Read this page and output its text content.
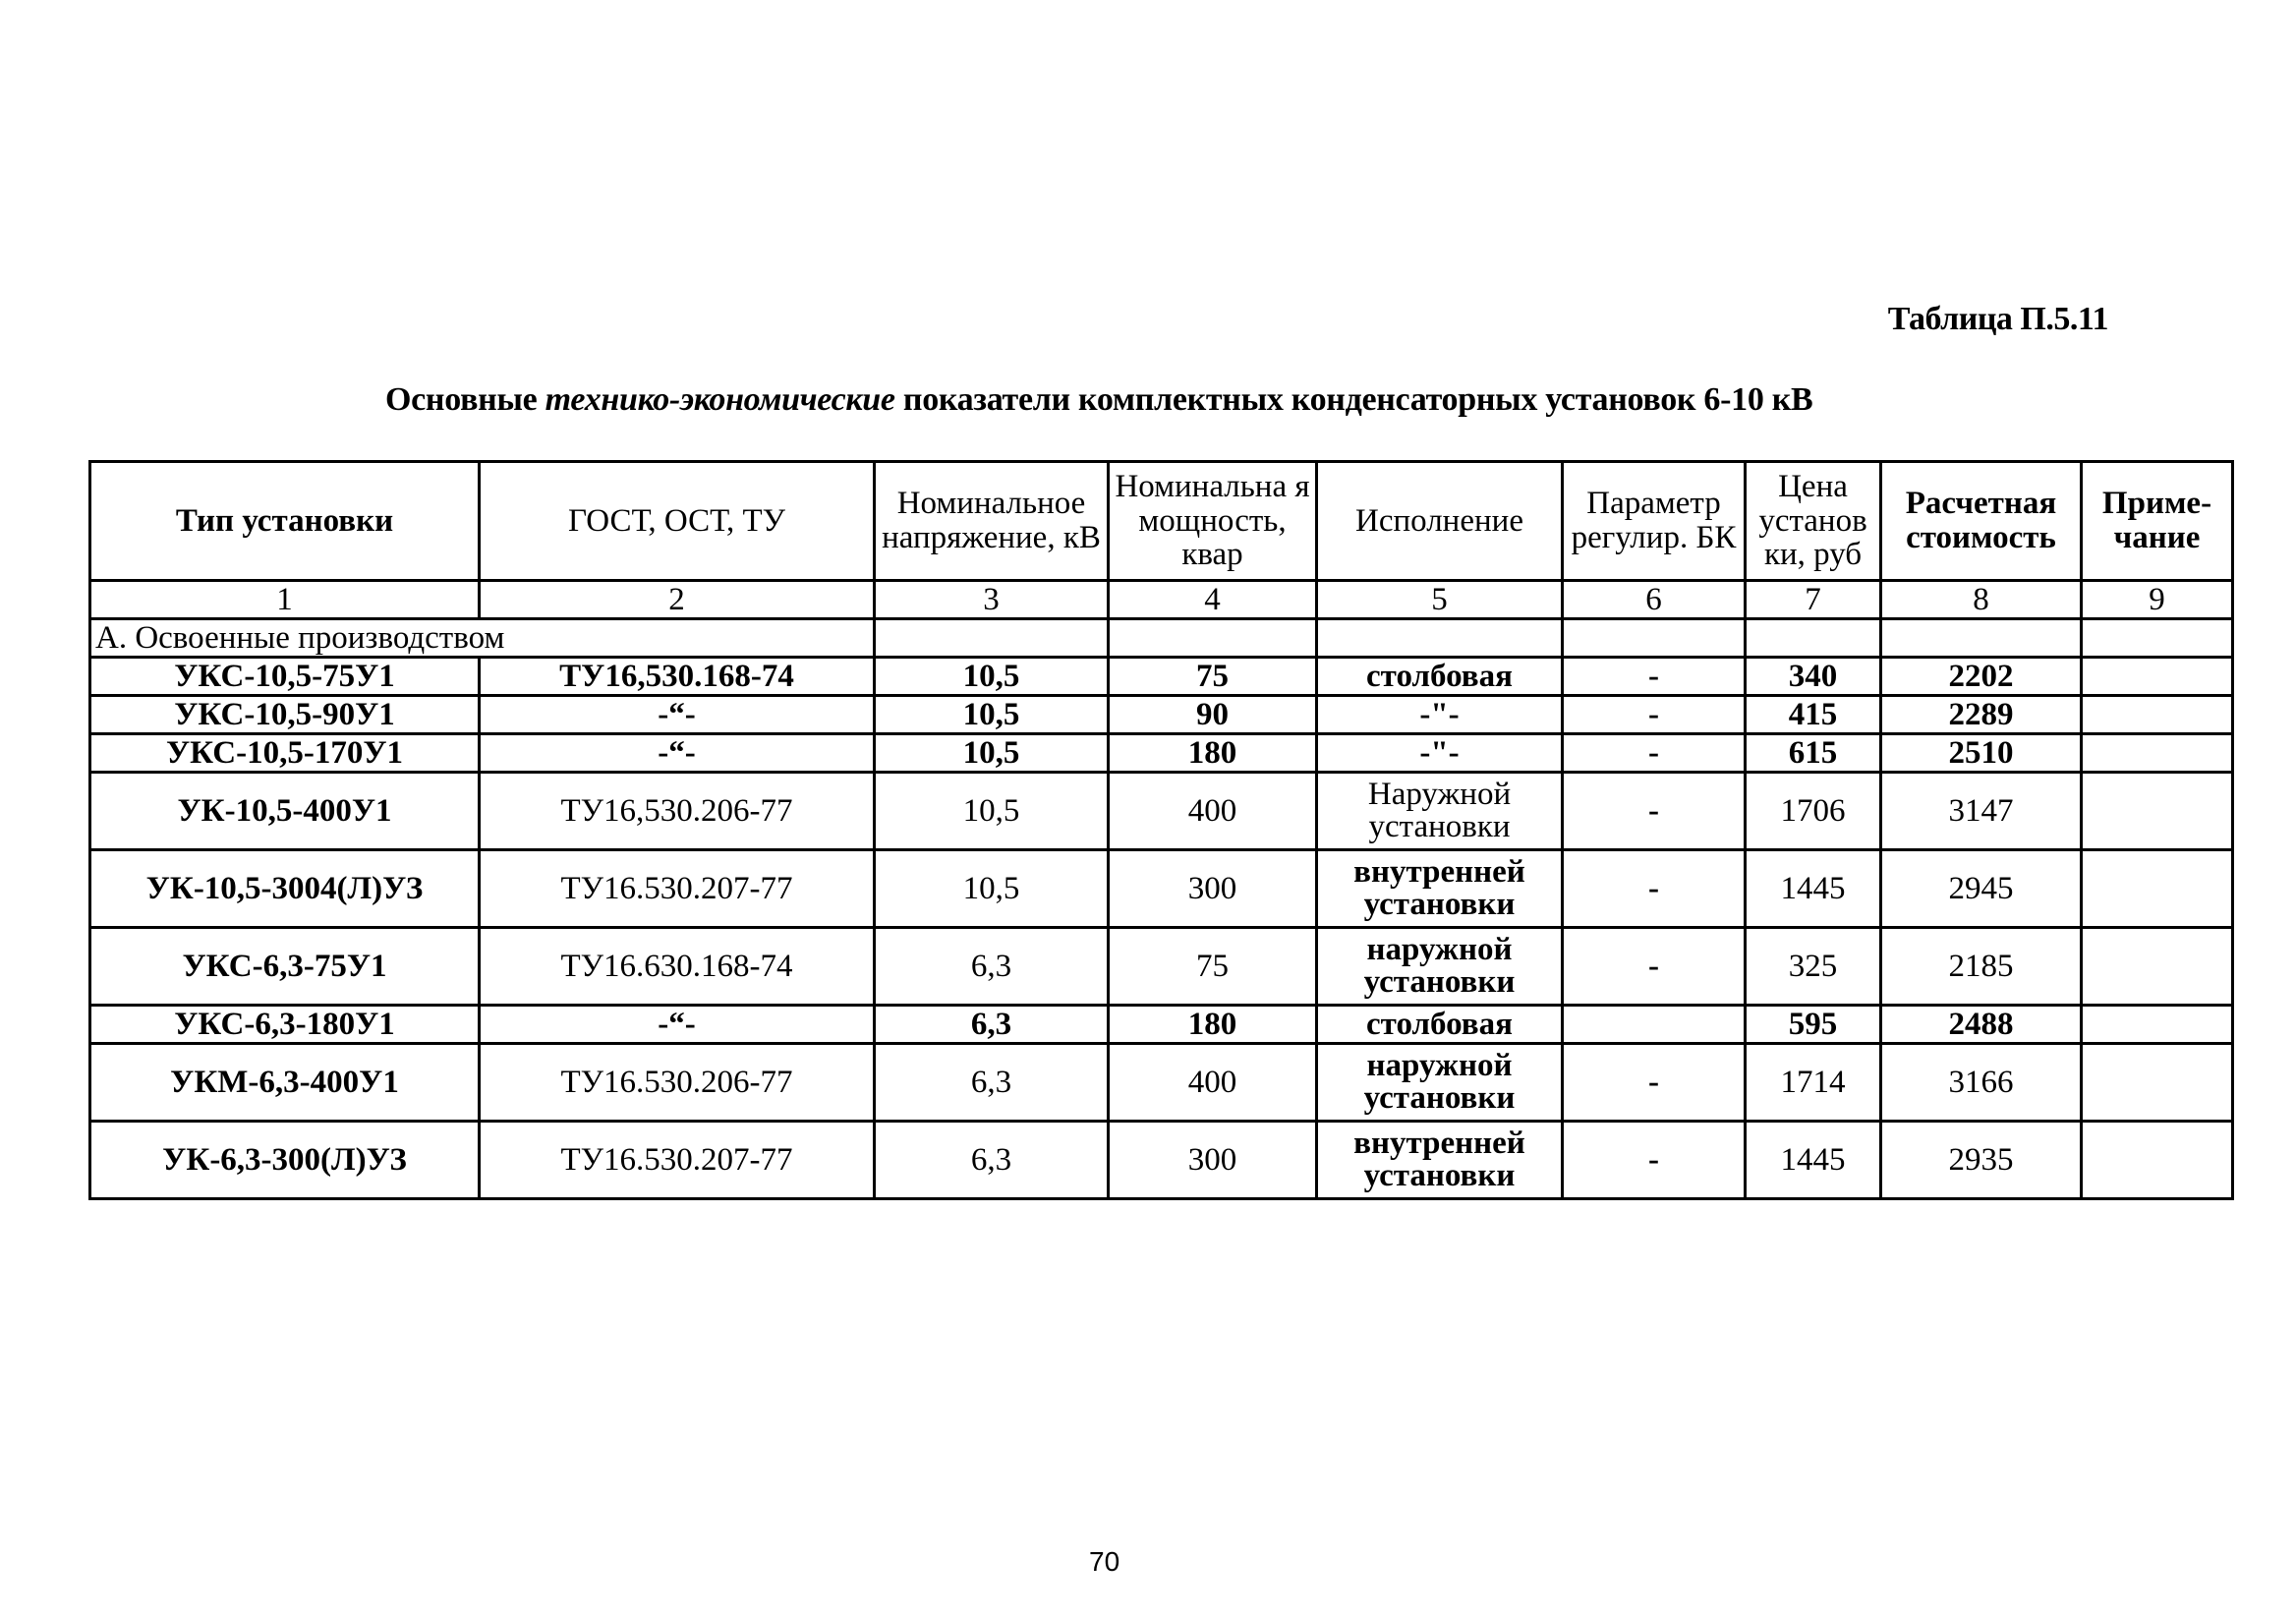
Таблица П.5.11
Основные технико-экономические показатели комплектных конденсаторных установок 6-10 кВ
Тип установки	ГОСТ, ОСТ, ТУ	Номинальное напряжение, кВ	Номинальна я мощность, квар	Исполнение	Параметр регулир. БК	Цена установ ки, руб	Расчетная стоимость	Приме- чание
1	2	3	4	5	6	7	8	9
А. Освоенные производством								
УКС-10,5-75У1	ТУ16,530.168-74	10,5	75	столбовая	-	340	2202	
УКС-10,5-90У1	-“-	10,5	90	-"-	-	415	2289	
УКС-10,5-170У1	-“-	10,5	180	-"-	-	615	2510	
УК-10,5-400У1	ТУ16,530.206-77	10,5	400	Наружной установки	-	1706	3147	
УК-10,5-3004(Л)УЗ	ТУ16.530.207-77	10,5	300	внутренней установки	-	1445	2945	
УКС-6,3-75У1	ТУ16.630.168-74	6,3	75	наружной установки	-	325	2185	
УКС-6,3-180У1	-“-	6,3	180	столбовая		595	2488	
УКМ-6,3-400У1	ТУ16.530.206-77	6,3	400	наружной установки	-	1714	3166	
УК-6,3-300(Л)УЗ	ТУ16.530.207-77	6,3	300	внутренней установки	-	1445	2935	
70
